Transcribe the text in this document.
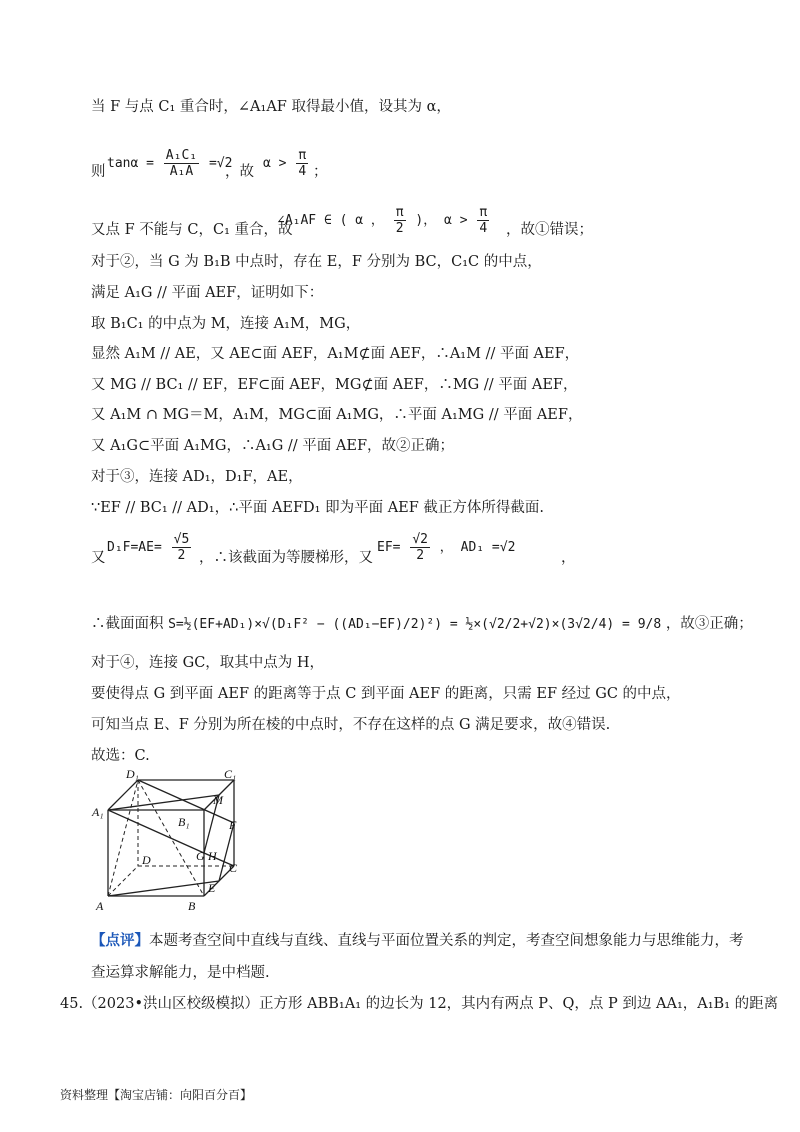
当 F 与点 C₁ 重合时，∠A₁AF 取得最小值，设其为 α，
则
$\tan\alpha = \frac{\text{A₁C₁}}{\text{A₁A}} =√2$
，故
$\alpha > \frac{\pi}{4}$ ；
又点 F 不能与 C，C₁ 重合，故
∠A₁AF ∈ ( α ， $\frac{\pi}{2}$ )， $\alpha > \frac{\pi}{4}$ ，故①错误；
对于②，当 G 为 B₁B 中点时，存在 E，F 分别为 BC，C₁C 的中点，
满足 A₁G // 平面 AEF，证明如下：
取 B₁C₁ 的中点为 M，连接 A₁M，MG，
显然 A₁M // AE，又 AE⊂面 AEF，A₁M⊄面 AEF，∴A₁M // 平面 AEF，
又 MG // BC₁ // EF，EF⊂面 AEF，MG⊄面 AEF，∴MG // 平面 AEF，
又 A₁M ∩ MG＝M，A₁M，MG⊂面 A₁MG，∴平面 A₁MG // 平面 AEF，
又 A₁G⊂平面 A₁MG，∴A₁G // 平面 AEF，故②正确；
对于③，连接 AD₁，D₁F，AE，
∵EF // BC₁ // AD₁，∴平面 AEFD₁ 即为平面 AEF 截正方体所得截面.
又
$D_1F=AE= \frac{√5}{2}$ ，∴该截面为等腰梯形，又
$EF= \frac{√2}{2}$ ， AD₁ =√2
，
∴截面面积 S=½(EF+AD₁)×√(D₁F² − ((AD₁−EF)/2)²) = ½×(√2/2+√2)×(3√2/4) = 9/8 ，故③正确；
对于④，连接 GC，取其中点为 H，
要使得点 G 到平面 AEF 的距离等于点 C 到平面 AEF 的距离，只需 EF 经过 GC 的中点，
可知当点 E、F 分别为所在棱的中点时，不存在这样的点 G 满足要求，故④错误.
故选：C.
D₁	C₁
A₁
M
B₁	F
D	G H
C
E
A	B
【点评】本题考查空间中直线与直线、直线与平面位置关系的判定，考查空间想象能力与思维能力，考
查运算求解能力，是中档题.
45.（2023•洪山区校级模拟）正方形 ABB₁A₁ 的边长为 12，其内有两点 P、Q，点 P 到边 AA₁，A₁B₁ 的距离
资料整理【淘宝店铺：向阳百分百】
